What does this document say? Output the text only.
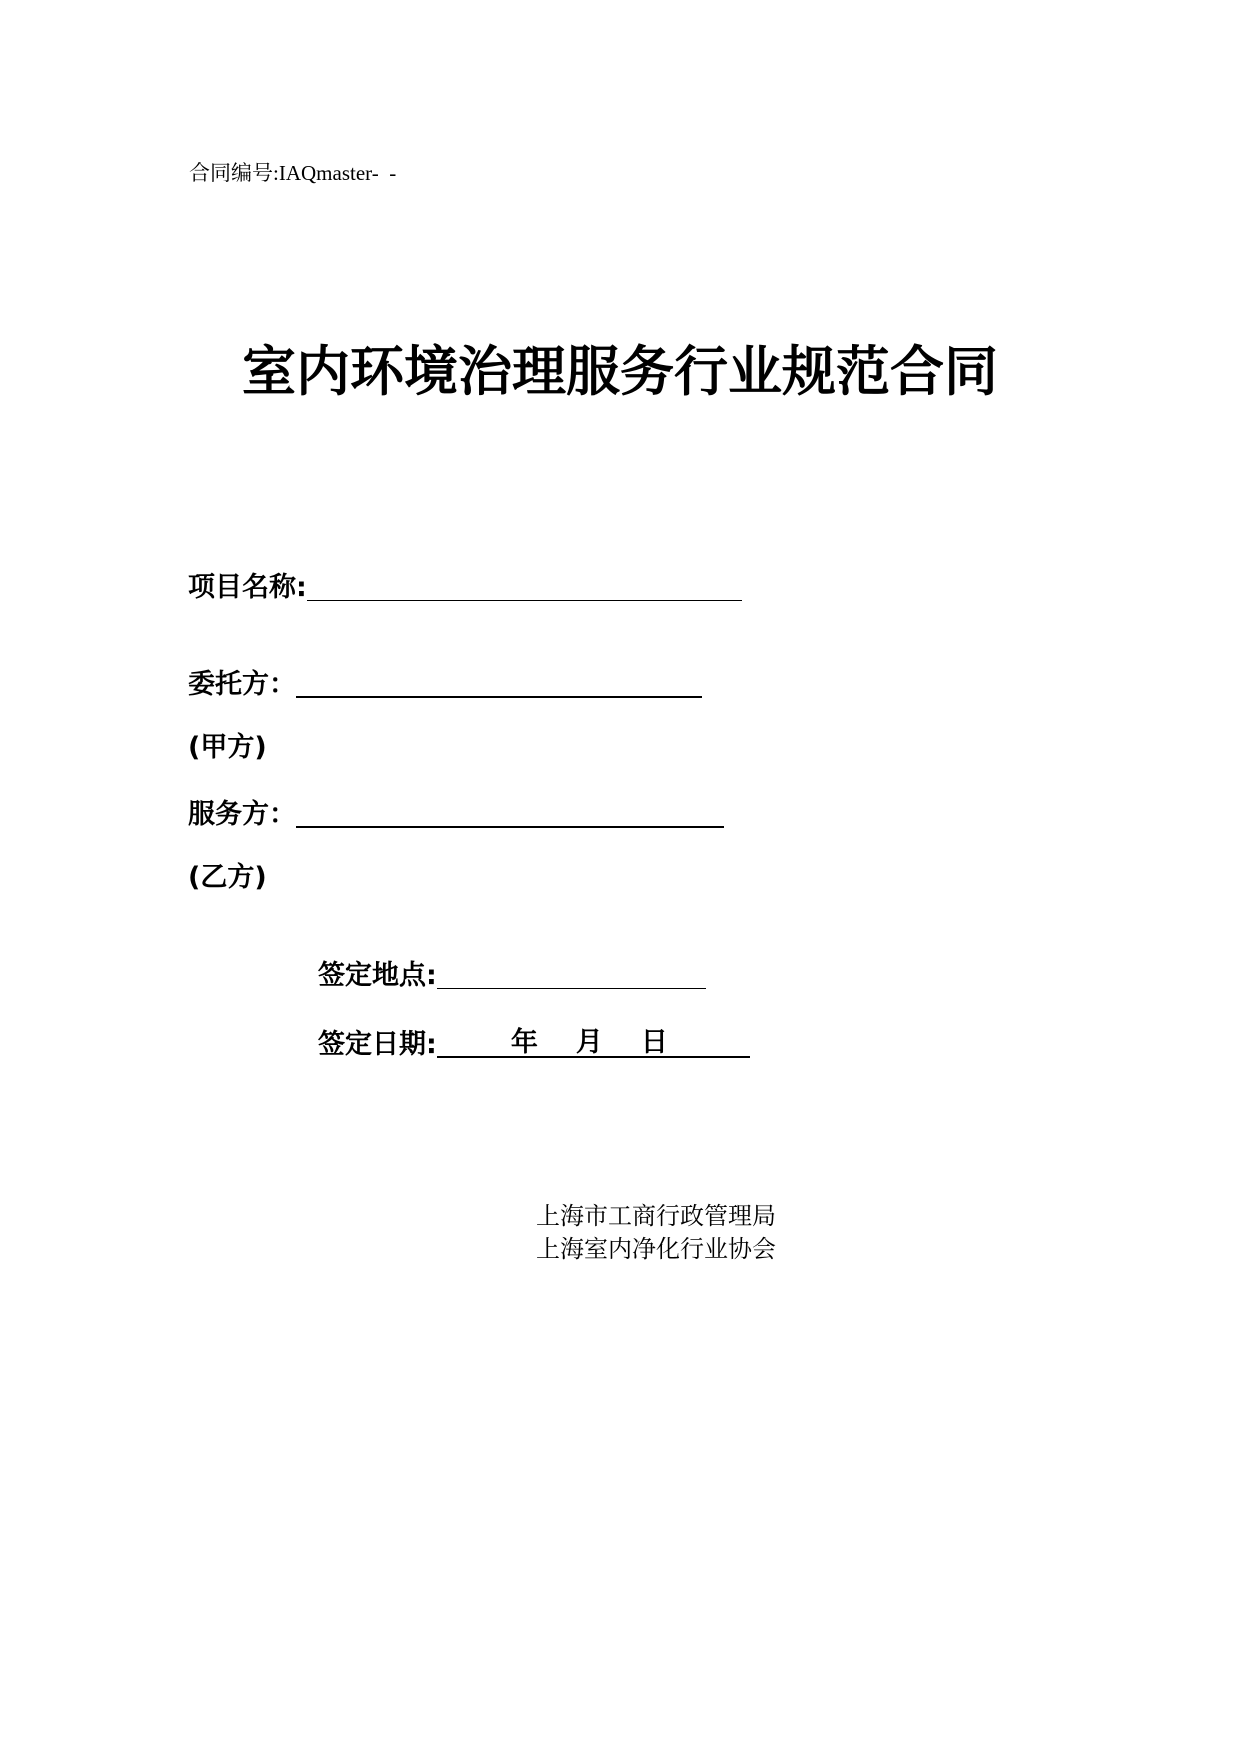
合同编号:IAQmaster-  -
室内环境治理服务行业规范合同
项目名称:
委托方：
(甲方)
服务方：
(乙方)
签定地点:
签定日期:	年 月 日
上海市工商行政管理局
上海室内净化行业协会
